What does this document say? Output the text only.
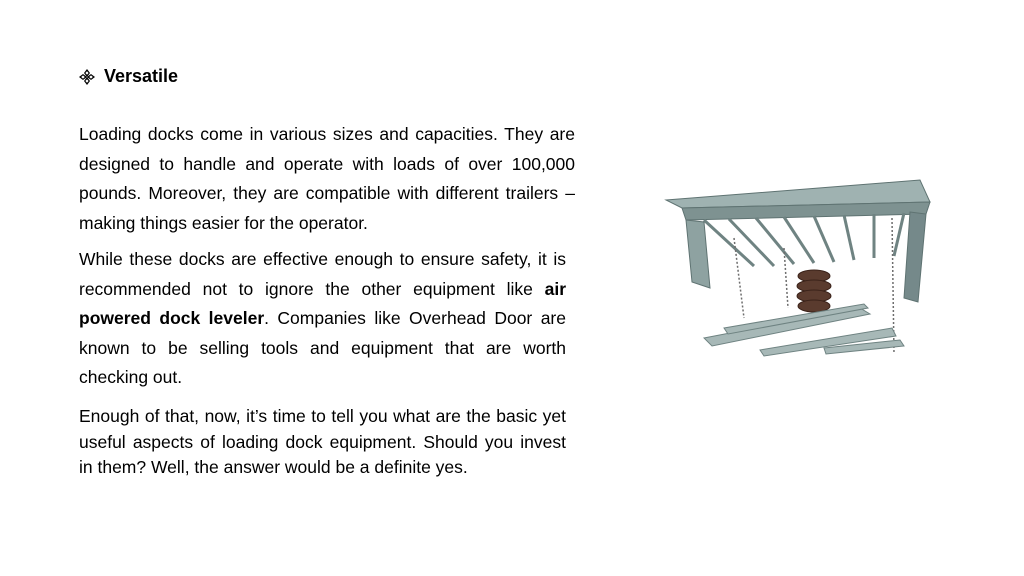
Versatile

Loading docks come in various sizes and capacities. They are designed to handle and operate with loads of over 100,000 pounds. Moreover, they are compatible with different trailers – making things easier for the operator.

While these docks are effective enough to ensure safety, it is recommended not to ignore the other equipment like air powered dock leveler. Companies like Overhead Door are known to be selling tools and equipment that are worth checking out.

Enough of that, now, it’s time to tell you what are the basic yet useful aspects of loading dock equipment. Should you invest in them? Well, the answer would be a definite yes.
